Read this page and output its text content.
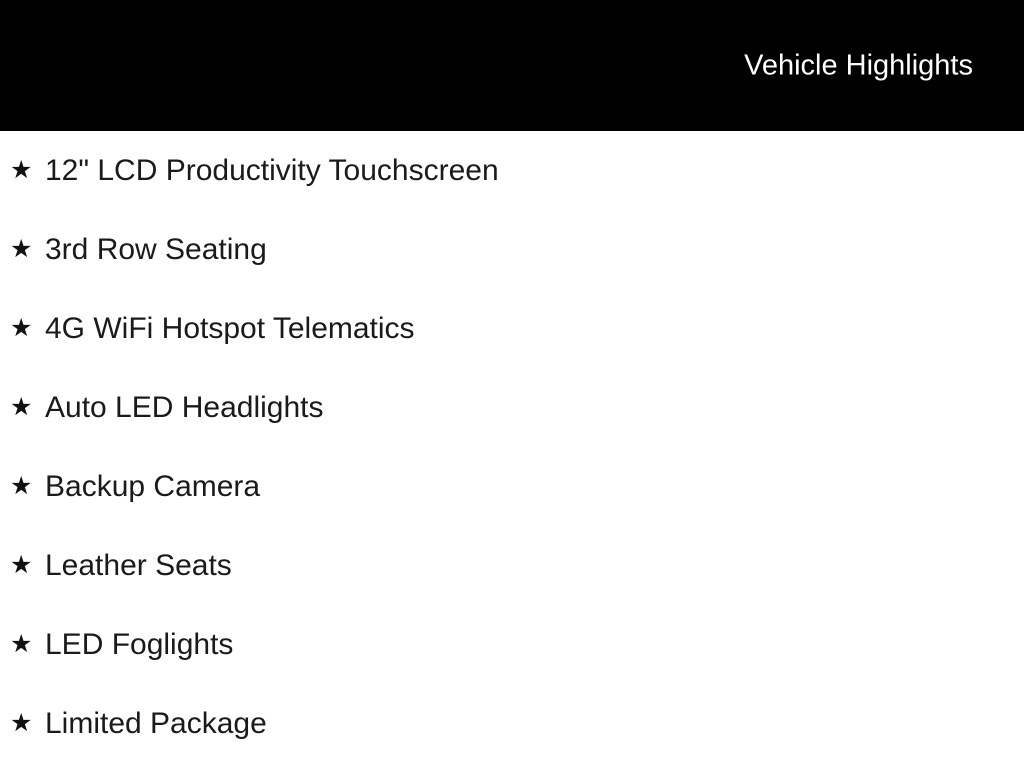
Vehicle Highlights
★ 12" LCD Productivity Touchscreen
★ 3rd Row Seating
★ 4G WiFi Hotspot Telematics
★ Auto LED Headlights
★ Backup Camera
★ Leather Seats
★ LED Foglights
★ Limited Package
